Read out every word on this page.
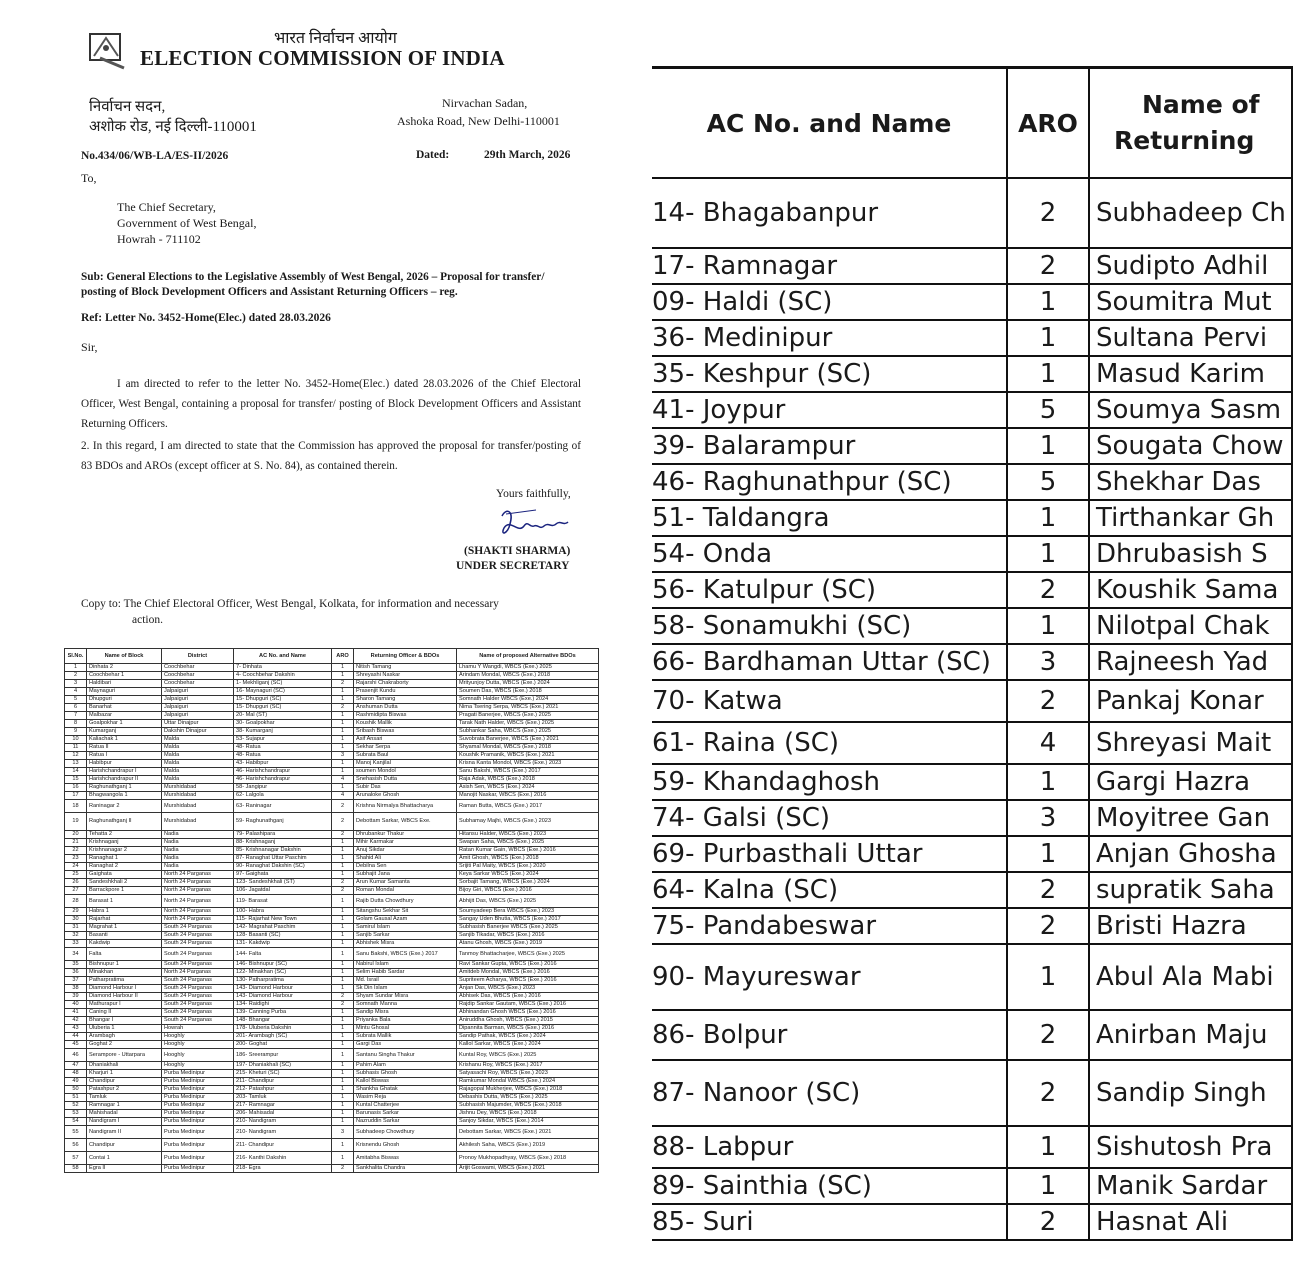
भारत निर्वाचन आयोग
ELECTION COMMISSION OF INDIA
निर्वाचन सदन,
अशोक रोड, नई दिल्ली-110001
Nirvachan Sadan,
Ashoka Road, New Delhi-110001
No.434/06/WB-LA/ES-II/2026	Dated:	29th March, 2026
To,
The Chief Secretary,
Government of West Bengal,
Howrah - 711102
Sub: General Elections to the Legislative Assembly of West Bengal, 2026 – Proposal for transfer/ posting of Block Development Officers and Assistant Returning Officers – reg.
Ref: Letter No. 3452-Home(Elec.) dated 28.03.2026
Sir,
I am directed to refer to the letter No. 3452-Home(Elec.) dated 28.03.2026 of the Chief Electoral Officer, West Bengal, containing a proposal for transfer/ posting of Block Development Officers and Assistant Returning Officers.
2. In this regard, I am directed to state that the Commission has approved the proposal for transfer/posting of 83 BDOs and AROs (except officer at S. No. 84), as contained therein.
Yours faithfully,
(SHAKTI SHARMA)
UNDER SECRETARY
Copy to: The Chief Electoral Officer, West Bengal, Kolkata, for information and necessary
action.
Sl.No.	Name of Block	District	AC No. and Name	ARO	Returning Officer & BDOs	Name of proposed Alternative BDOs
1	Dinhata 2	Coochbehar	7- Dinhata	1	Nitish Tamang	Lhamu Y Wangdi, WBCS (Exe.) 2025
2	Coochbehar 1	Coochbehar	4- Coochbehar Dakshin	1	Shreyashi Naskar	Arindam Mondal, WBCS (Exe.) 2018
3	Haldibari	Coochbehar	1- Mekhliganj (SC)	2	Rajarshi Chakraborty	Mrityunjoy Dutta, WBCS (Exe.) 2024
4	Maynaguri	Jalpaiguri	16- Maynaguri (SC)	1	Prasenjit Kundu	Soumen Das, WBCS (Exe.) 2018
5	Dhupguri	Jalpaiguri	15- Dhupguri (SC)	1	Sharon Tamang	Somnath Halder WBCS (Exe.) 2024
6	Banarhat	Jalpaiguri	15- Dhupguri (SC)	2	Anshuman Dutta	Nima Tsering Serpa, WBCS (Exe.) 2021
7	Malbazar	Jalpaiguri	20- Mal (ST)	1	Rashmidipta Biswas	Pragati Banerjee, WBCS (Exe.) 2025
8	Goalpokhar 1	Uttar Dinajpur	30- Goalpokhar	1	Koushik Mallik	Tarak Nath Halder, WBCS (Exe.) 2025
9	Kumarganj	Dakshin Dinajpur	38- Kumarganj	1	Sribash Biswas	Subhankar Saha, WBCS (Exe.) 2025
10	Kaliachak 1	Malda	53- Sujapur	1	Asif Ansari	Suvobrata Banerjee, WBCS (Exe.) 2021
11	Ratua II	Malda	48- Ratua	1	Sekhar Serpa	Shyamal Mondal, WBCS (Exe.) 2018
12	Ratua I	Malda	48- Ratua	3	Subrata Baul	Koushik Pramanik, WBCS (Exe.) 2021
13	Habibpur	Malda	43- Habibpur	1	Manoj Kanjilal	Krisna Kanta Mondol, WBCS (Exe.) 2023
14	Harishchandrapur I	Malda	46- Harishchandrapur	1	soumen Mondol	Sanu Bakshi, WBCS (Exe.) 2017
15	Harishchandrapur II	Malda	46- Harishchandrapur	4	Snehasish Dutta	Raja Adak, WBCS (Exe.) 2018
16	Raghunathganj 1	Murshidabad	58- Jangipur	1	Subir Das	Asish Sen, WBCS (Exe.) 2024
17	Bhagwangola 1	Murshidabad	62- Lalgola	4	Arunaloke Ghosh	Manojit Naskar, WBCS (Exe.) 2016
18	Raninagar 2	Murshidabad	63- Raninagar	2	Krishna Nirmalya Bhattacharya	Raman Butta, WBCS (Exe.) 2017
19	Raghunathganj II	Murshidabad	59- Raghunathganj	2	Debottam Sarkar, WBCS Exe.	Subhamay Majhi, WBCS (Exe.) 2023
20	Tehatta 2	Nadia	79- Palashipara	2	Dhrubankur Thakur	Hitansu Halder, WBCS (Exe.) 2023
21	Krishnaganj	Nadia	88- Krishnaganj	1	Mihir Karmakar	Swapan Saha, WBCS (Exe.) 2025
22	Krishnanagar 2	Nadia	85- Krishnanagar Dakshin	1	Anuj Sikdar	Ratan Kumar Gain, WBCS (Exe.) 2016
23	Ranaghat 1	Nadia	87- Ranaghat Uttar Paschim	1	Shahid Ali	Amit Ghosh, WBCS (Exe.) 2018
24	Ranaghat 2	Nadia	90- Ranaghat Dakshin (SC)	1	Debilna Sen	Srijiti Pal Maity, WBCS (Exe.) 2020
25	Gaighata	North 24 Parganas	97- Gaighata	1	Subhajit Jana	Keya Sarkar WBCS (Exe.) 2024
26	Sandeshkhali 2	North 24 Parganas	123- Sandeshkhali (ST)	2	Arun Kumar Samanta	Sorbajit Tamang, WBCS (Exe.) 2024
27	Barrackpore 1	North 24 Parganas	106- Jagatdal	2	Roman Mondal	Bijoy Giri, WBCS (Exe.) 2016
28	Barasat 1	North 24 Parganas	119- Barasat	1	Rajib Dutta Chowdhury	Abhijit Das, WBCS (Exe.) 2025
29	Habra 1	North 24 Parganas	100- Habra	1	Sitangshu Sekhar Sit	Soumyadeep Bera WBCS (Exe.) 2023
30	Rajarhat	North 24 Parganas	115- Rajarhat New Town	1	Golam Gausal Azam	Sangay Uden Bhutia, WBCS (Exe.) 2017
31	Magrahat 1	South 24 Parganas	142- Magrahat Paschim	1	Samirul Islam	Subhasish Banerjee WBCS (Exe.) 2025
32	Basanti	South 24 Parganas	128- Basanti (SC)	1	Sanjib Sarkar	Sanjib Tikadar, WBCS (Exe.) 2016
33	Kakdwip	South 24 Parganas	131- Kakdwip	1	Abhishek Misra	Atanu Ghosh, WBCS (Exe.) 2019
34	Falta	South 24 Parganas	144- Falta	1	Sanu Bakshi, WBCS (Exe.) 2017	Tanmoy Bhattacharjee, WBCS (Exe.) 2025
35	Bishnupur 1	South 24 Parganas	146- Bishnupur (SC)	1	Nabirul Islam	Ravi Sankar Gupta, WBCS (Exe.) 2016
36	Minakhan	North 24 Parganas	122- Minakhan (SC)	1	Selim Habib Sardar	Amitdeb Mondal, WBCS (Exe.) 2016
37	Patharpratima	South 24 Parganas	130- Patharpratima	1	Md. Israil	Supriteem Acharya, WBCS (Exe.) 2016
38	Diamond Harbour I	South 24 Parganas	143- Diamond Harbour	1	Sk Din Islam	Anjan Das, WBCS (Exe.) 2023
39	Diamond Harbour II	South 24 Parganas	143- Diamond Harbour	2	Shyam Sundar Misra	Abhisek Das, WBCS (Exe.) 2016
40	Mathurapur I	South 24 Parganas	134- Raidighi	2	Somnath Manna	Rajdip Sankar Gautam, WBCS (Exe.) 2016
41	Caning II	South 24 Parganas	139- Canning Purba	1	Sandip Misra	Abhinandan Ghosh WBCS (Exe.) 2016
42	Bhangar I	South 24 Parganas	148- Bhangar	1	Priyanka Bala	Aniruddha Ghosh, WBCS (Exe.) 2015
43	Uluberia 1	Howrah	178- Uluberia Dakshin	1	Mintu Ghosal	Dipannita Barman, WBCS (Exe.) 2016
44	Arambagh	Hooghly	201- Arambagh (SC)	1	Subrata Mallik	Sandip Pathak, WBCS (Exe.) 2024
45	Goghat 2	Hooghly	200- Goghat	1	Gargi Das	Kallol Sarkar, WBCS (Exe.) 2024
46	Serampore - Uttarpara	Hooghly	186- Sreerampur	1	Santanu Singha Thakur	Kuntal Roy, WBCS (Exe.) 2025
47	Dhaniakhali	Hooghly	197- Dhaniakhali (SC)	1	Pahim Alam	Krishanu Roy, WBCS (Exe.) 2017
48	Kharjuri 1	Purba Medinipur	215- Kheturi (SC)	1	Subhasis Ghosh	Satyasachi Roy, WBCS (Exe.) 2023
49	Chandipur	Purba Medinipur	211- Chandipur	1	Kallol Biswas	Ramkumar Mondal WBCS (Exe.) 2024
50	Patashpur 2	Purba Medinipur	212- Patashpur	1	Shankha Ghatak	Rajagopal Mukherjee, WBCS (Exe.) 2018
51	Tamluk	Purba Medinipur	203- Tamluk	1	Wasim Reja	Debashis Dutta, WBCS (Exe.) 2025
52	Ramnagar 1	Purba Medinipur	217- Ramnagar	1	Kuntal Chatterjee	Subhasish Majumder, WBCS (Exe.) 2018
53	Mahishadal	Purba Medinipur	206- Mahisadal	1	Barunasis Sarkar	Jishnu Dey, WBCS (Exe.) 2018
54	Nandigram I	Purba Medinipur	210- Nandigram	1	Nazruddin Sarkar	Sanjoy Sikdar, WBCS (Exe.) 2014
55	Nandigram II	Purba Medinipur	210- Nandigram	3	Subhadeep Chowdhury	Debottam Sarkar, WBCS (Exe.) 2021
56	Chandipur	Purba Medinipur	211- Chandipur	1	Krisnendu Ghosh	Akhilesh Saha, WBCS (Exe.) 2019
57	Contai 1	Purba Medinipur	216- Kanthi Dakshin	1	Amitabha Biswas	Pronoy Mukhopadhyay, WBCS (Exe.) 2018
58	Egra II	Purba Medinipur	218- Egra	2	Sankhalita Chandra	Arijit Goswami, WBCS (Exe.) 2021
AC No. and Name	ARO	Name of
Returning

14- Bhagabanpur	2	Subhadeep Ch
17- Ramnagar	2	Sudipto Adhil
09- Haldi (SC)	1	Soumitra Mut
36- Medinipur	1	Sultana Pervi
35- Keshpur (SC)	1	Masud Karim
41- Joypur	5	Soumya Sasm
39- Balarampur	1	Sougata Chow
46- Raghunathpur (SC)	5	Shekhar Das
51- Taldangra	1	Tirthankar Gh
54- Onda	1	Dhrubasish S
56- Katulpur (SC)	2	Koushik Sama
58- Sonamukhi (SC)	1	Nilotpal Chak
66- Bardhaman Uttar (SC)	3	Rajneesh Yad
70- Katwa	2	Pankaj Konar
61- Raina (SC)	4	Shreyasi Mait
59- Khandaghosh	1	Gargi Hazra
74- Galsi (SC)	3	Moyitree Gan
69- Purbasthali Uttar	1	Anjan Ghosha
64- Kalna (SC)	2	supratik Saha
75- Pandabeswar	2	Bristi Hazra
90- Mayureswar	1	Abul Ala Mabi
86- Bolpur	2	Anirban Maju
87- Nanoor (SC)	2	Sandip Singh
88- Labpur	1	Sishutosh Pra
89- Sainthia (SC)	1	Manik Sardar
85- Suri	2	Hasnat Ali
